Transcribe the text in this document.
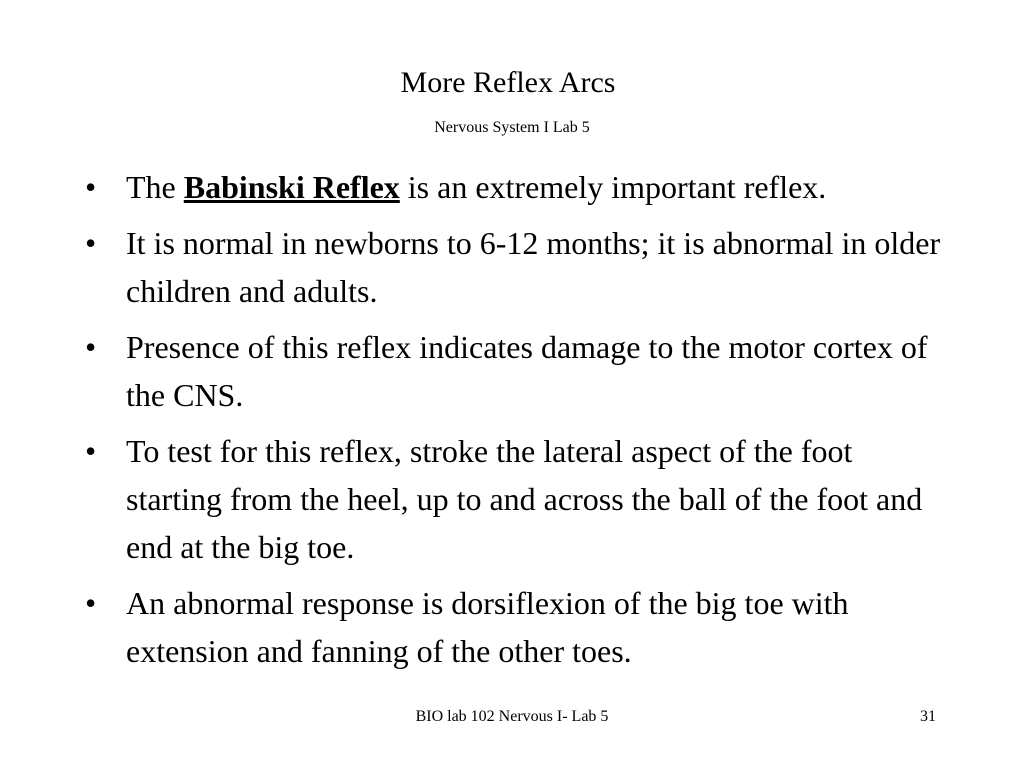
More Reflex Arcs
Nervous System I Lab 5
• The Babinski Reflex is an extremely important reflex.
• It is normal in newborns to 6-12 months; it is abnormal in older children and adults.
• Presence of this reflex indicates damage to the motor cortex of the CNS.
• To test for this reflex, stroke the lateral aspect of the foot starting from the heel, up to and across the ball of the foot and end at the big toe.
• An abnormal response is dorsiflexion of the big toe with extension and fanning of the other toes.
BIO lab 102 Nervous I- Lab 5	31
